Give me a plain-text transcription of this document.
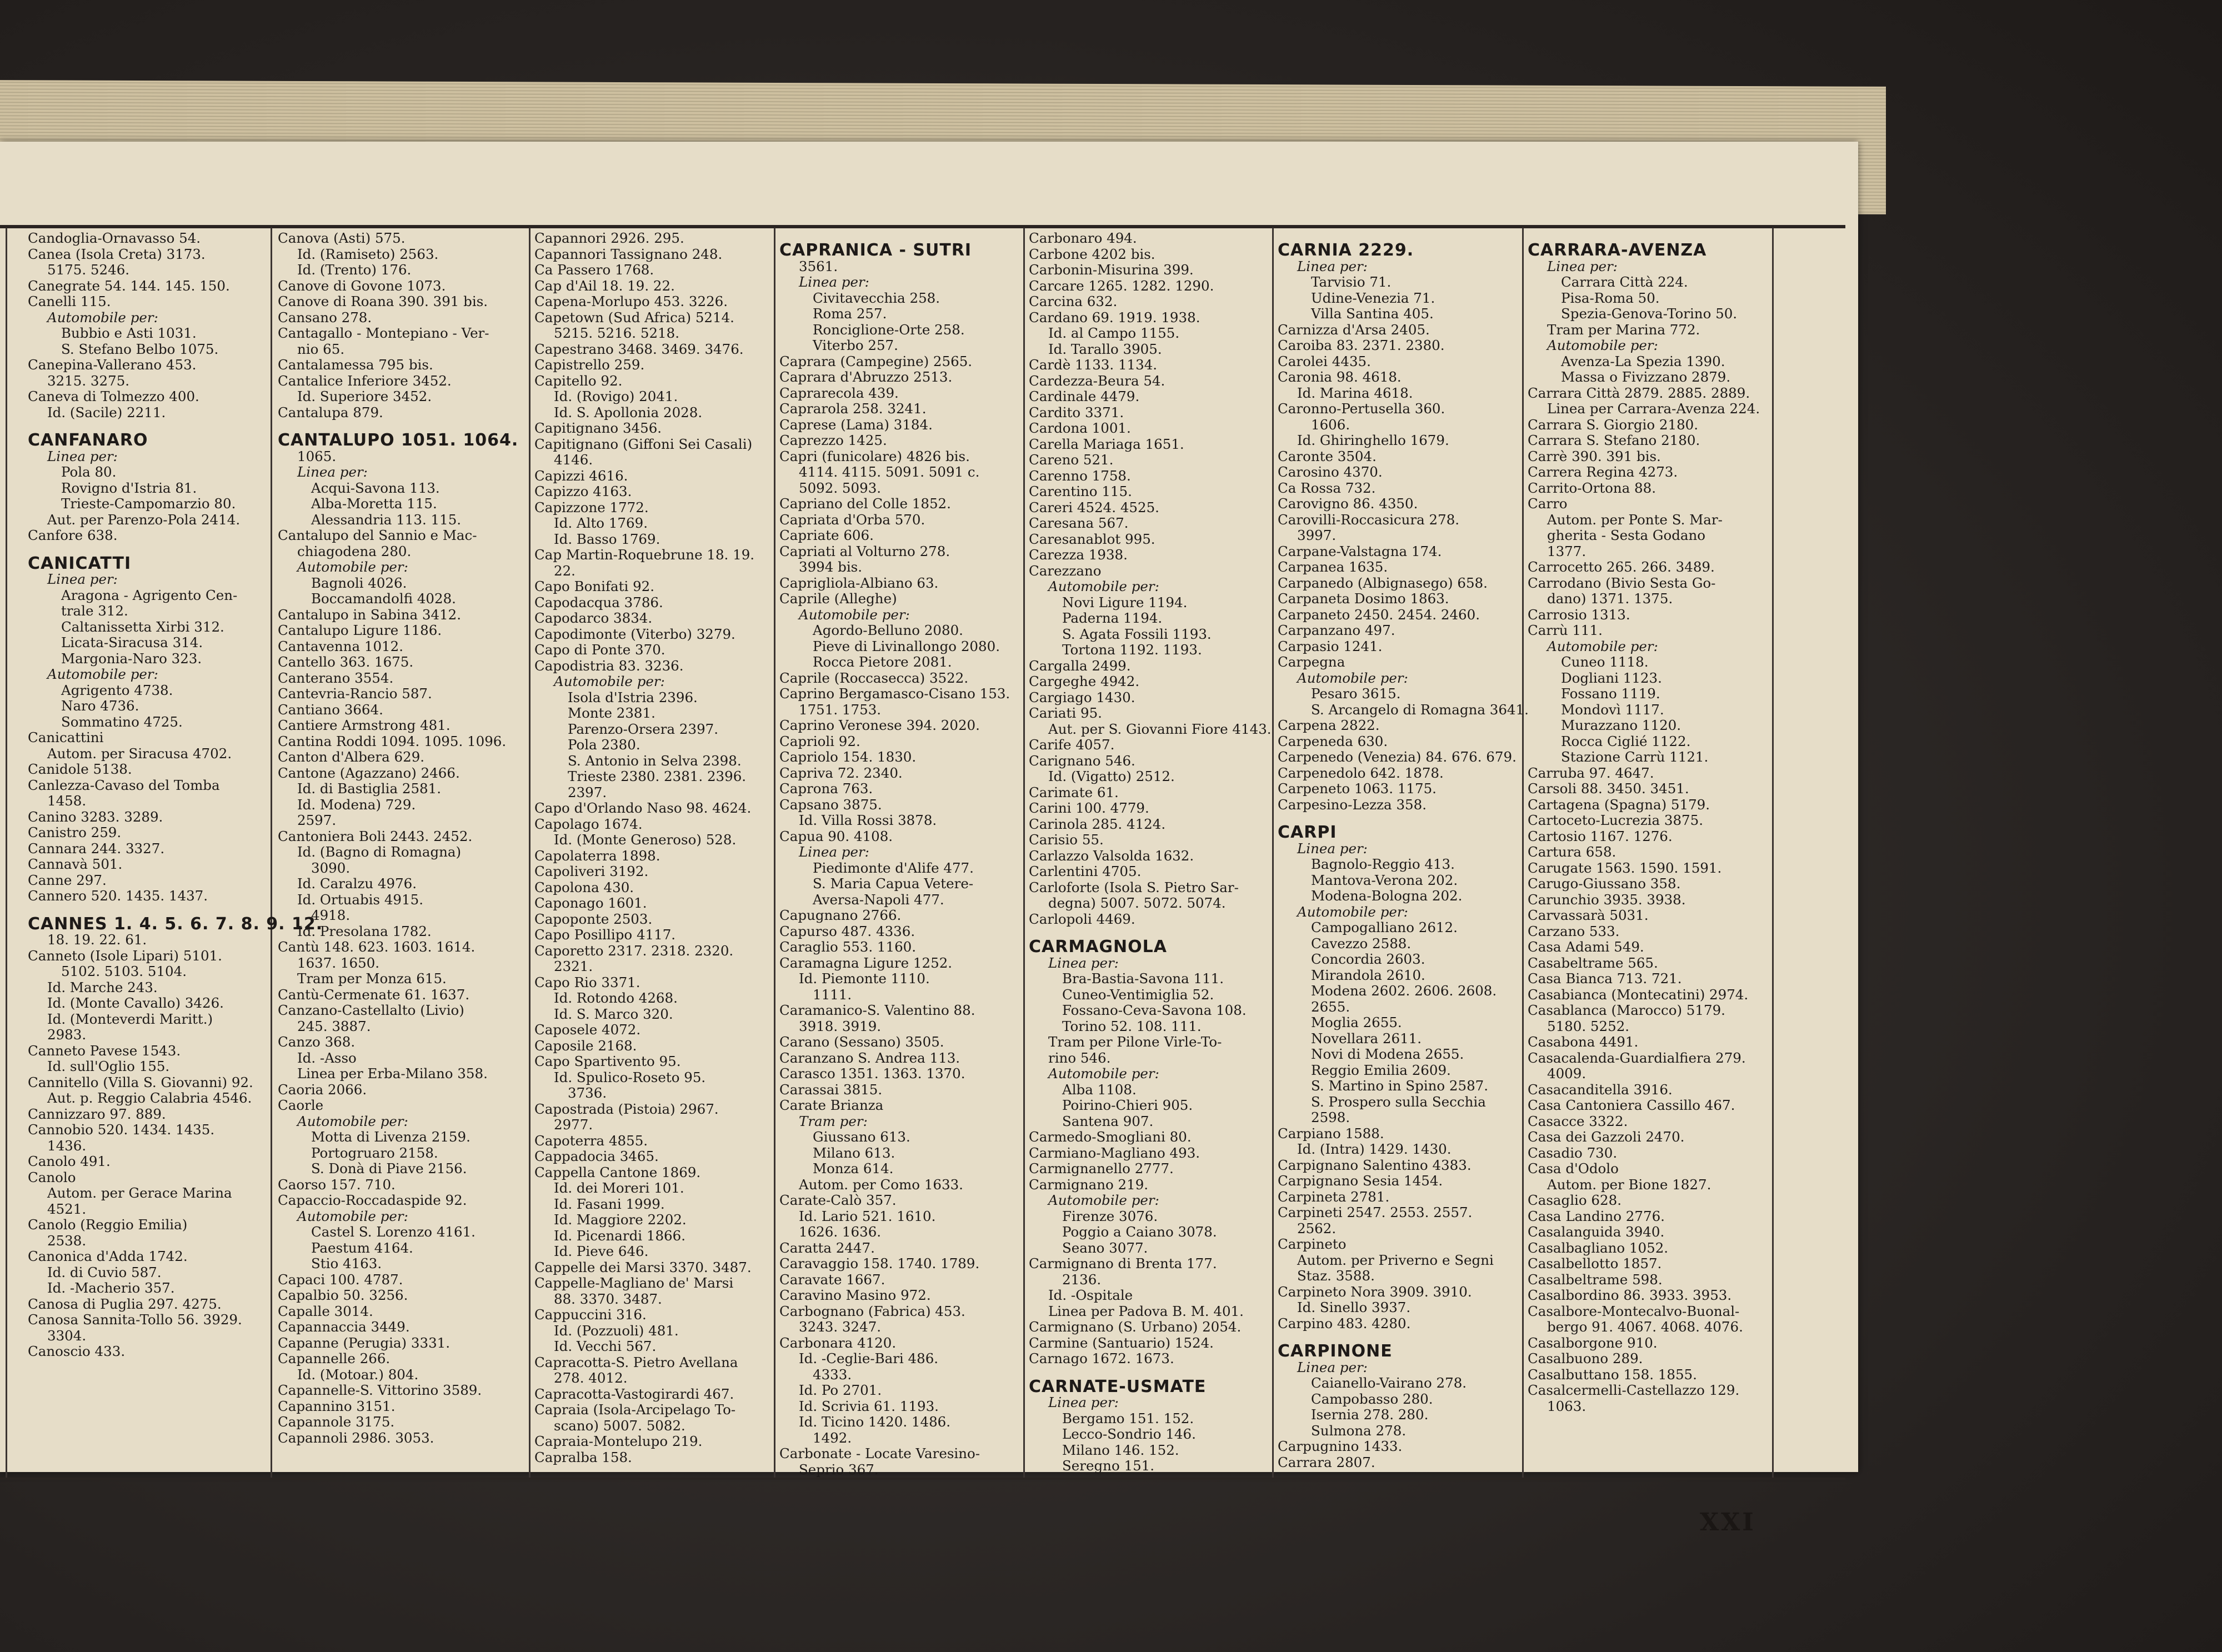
Candoglia-Ornavasso 54.
Canea (Isola Creta) 3173.
5175. 5246.
Canegrate 54. 144. 145. 150.
Canelli 115.
Automobile per:
Bubbio e Asti 1031.
S. Stefano Belbo 1075.
Canepina-Vallerano 453.
3215. 3275.
Caneva di Tolmezzo 400.
Id. (Sacile) 2211.
CANFANARO
Linea per:
Pola 80.
Rovigno d'Istria 81.
Trieste-Campomarzio 80.
Aut. per Parenzo-Pola 2414.
Canfore 638.
CANICATTI
Linea per:
Aragona - Agrigento Cen-
trale 312.
Caltanissetta Xirbi 312.
Licata-Siracusa 314.
Margonia-Naro 323.
Automobile per:
Agrigento 4738.
Naro 4736.
Sommatino 4725.
Canicattini
Autom. per Siracusa 4702.
Canidole 5138.
Canlezza-Cavaso del Tomba
1458.
Canino 3283. 3289.
Canistro 259.
Cannara 244. 3327.
Cannavà 501.
Canne 297.
Cannero 520. 1435. 1437.
CANNES 1. 4. 5. 6. 7. 8. 9. 12.
18. 19. 22. 61.
Canneto (Isole Lipari) 5101.
5102. 5103. 5104.
Id. Marche 243.
Id. (Monte Cavallo) 3426.
Id. (Monteverdi Maritt.)
2983.
Canneto Pavese 1543.
Id. sull'Oglio 155.
Cannitello (Villa S. Giovanni) 92.
Aut. p. Reggio Calabria 4546.
Cannizzaro 97. 889.
Cannobio 520. 1434. 1435.
1436.
Canolo 491.
Canolo
Autom. per Gerace Marina
4521.
Canolo (Reggio Emilia)
2538.
Canonica d'Adda 1742.
Id. di Cuvio 587.
Id. -Macherio 357.
Canosa di Puglia 297. 4275.
Canosa Sannita-Tollo 56. 3929.
3304.
Canoscio 433.
Canova (Asti) 575.
Id. (Ramiseto) 2563.
Id. (Trento) 176.
Canove di Govone 1073.
Canove di Roana 390. 391 bis.
Cansano 278.
Cantagallo - Montepiano - Ver-
nio 65.
Cantalamessa 795 bis.
Cantalice Inferiore 3452.
Id. Superiore 3452.
Cantalupa 879.
CANTALUPO 1051. 1064.
1065.
Linea per:
Acqui-Savona 113.
Alba-Moretta 115.
Alessandria 113. 115.
Cantalupo del Sannio e Mac-
chiagodena 280.
Automobile per:
Bagnoli 4026.
Boccamandolfi 4028.
Cantalupo in Sabina 3412.
Cantalupo Ligure 1186.
Cantavenna 1012.
Cantello 363. 1675.
Canterano 3554.
Cantevria-Rancio 587.
Cantiano 3664.
Cantiere Armstrong 481.
Cantina Roddi 1094. 1095. 1096.
Canton d'Albera 629.
Cantone (Agazzano) 2466.
Id. di Bastiglia 2581.
Id. Modena) 729.
2597.
Cantoniera Boli 2443. 2452.
Id. (Bagno di Romagna)
3090.
Id. Caralzu 4976.
Id. Ortuabis 4915.
4918.
Id. Presolana 1782.
Cantù 148. 623. 1603. 1614.
1637. 1650.
Tram per Monza 615.
Cantù-Cermenate 61. 1637.
Canzano-Castellalto (Livio)
245. 3887.
Canzo 368.
Id. -Asso
Linea per Erba-Milano 358.
Caoria 2066.
Caorle
Automobile per:
Motta di Livenza 2159.
Portogruaro 2158.
S. Donà di Piave 2156.
Caorso 157. 710.
Capaccio-Roccadaspide 92.
Automobile per:
Castel S. Lorenzo 4161.
Paestum 4164.
Stio 4163.
Capaci 100. 4787.
Capalbio 50. 3256.
Capalle 3014.
Capannaccia 3449.
Capanne (Perugia) 3331.
Capannelle 266.
Id. (Motoar.) 804.
Capannelle-S. Vittorino 3589.
Capannino 3151.
Capannole 3175.
Capannoli 2986. 3053.
Capannori 2926. 295.
Capannori Tassignano 248.
Ca Passero 1768.
Cap d'Ail 18. 19. 22.
Capena-Morlupo 453. 3226.
Capetown (Sud Africa) 5214.
5215. 5216. 5218.
Capestrano 3468. 3469. 3476.
Capistrello 259.
Capitello 92.
Id. (Rovigo) 2041.
Id. S. Apollonia 2028.
Capitignano 3456.
Capitignano (Giffoni Sei Casali)
4146.
Capizzi 4616.
Capizzo 4163.
Capizzone 1772.
Id. Alto 1769.
Id. Basso 1769.
Cap Martin-Roquebrune 18. 19.
22.
Capo Bonifati 92.
Capodacqua 3786.
Capodarco 3834.
Capodimonte (Viterbo) 3279.
Capo di Ponte 370.
Capodistria 83. 3236.
Automobile per:
Isola d'Istria 2396.
Monte 2381.
Parenzo-Orsera 2397.
Pola 2380.
S. Antonio in Selva 2398.
Trieste 2380. 2381. 2396.
2397.
Capo d'Orlando Naso 98. 4624.
Capolago 1674.
Id. (Monte Generoso) 528.
Capolaterra 1898.
Capoliveri 3192.
Capolona 430.
Caponago 1601.
Capoponte 2503.
Capo Posillipo 4117.
Caporetto 2317. 2318. 2320.
2321.
Capo Rio 3371.
Id. Rotondo 4268.
Id. S. Marco 320.
Caposele 4072.
Caposile 2168.
Capo Spartivento 95.
Id. Spulico-Roseto 95.
3736.
Capostrada (Pistoia) 2967.
2977.
Capoterra 4855.
Cappadocia 3465.
Cappella Cantone 1869.
Id. dei Moreri 101.
Id. Fasani 1999.
Id. Maggiore 2202.
Id. Picenardi 1866.
Id. Pieve 646.
Cappelle dei Marsi 3370. 3487.
Cappelle-Magliano de' Marsi
88. 3370. 3487.
Cappuccini 316.
Id. (Pozzuoli) 481.
Id. Vecchi 567.
Capracotta-S. Pietro Avellana
278. 4012.
Capracotta-Vastogirardi 467.
Capraia (Isola-Arcipelago To-
scano) 5007. 5082.
Capraia-Montelupo 219.
Capralba 158.
CAPRANICA - SUTRI
3561.
Linea per:
Civitavecchia 258.
Roma 257.
Ronciglione-Orte 258.
Viterbo 257.
Caprara (Campegine) 2565.
Caprara d'Abruzzo 2513.
Caprarecola 439.
Caprarola 258. 3241.
Caprese (Lama) 3184.
Caprezzo 1425.
Capri (funicolare) 4826 bis.
4114. 4115. 5091. 5091 c.
5092. 5093.
Capriano del Colle 1852.
Capriata d'Orba 570.
Capriate 606.
Capriati al Volturno 278.
3994 bis.
Caprigliola-Albiano 63.
Caprile (Alleghe)
Automobile per:
Agordo-Belluno 2080.
Pieve di Livinallongo 2080.
Rocca Pietore 2081.
Caprile (Roccasecca) 3522.
Caprino Bergamasco-Cisano 153.
1751. 1753.
Caprino Veronese 394. 2020.
Caprioli 92.
Capriolo 154. 1830.
Capriva 72. 2340.
Caprona 763.
Capsano 3875.
Id. Villa Rossi 3878.
Capua 90. 4108.
Linea per:
Piedimonte d'Alife 477.
S. Maria Capua Vetere-
Aversa-Napoli 477.
Capugnano 2766.
Capurso 487. 4336.
Caraglio 553. 1160.
Caramagna Ligure 1252.
Id. Piemonte 1110.
1111.
Caramanico-S. Valentino 88.
3918. 3919.
Carano (Sessano) 3505.
Caranzano S. Andrea 113.
Carasco 1351. 1363. 1370.
Carassai 3815.
Carate Brianza
Tram per:
Giussano 613.
Milano 613.
Monza 614.
Autom. per Como 1633.
Carate-Calò 357.
Id. Lario 521. 1610.
1626. 1636.
Caratta 2447.
Caravaggio 158. 1740. 1789.
Caravate 1667.
Caravino Masino 972.
Carbognano (Fabrica) 453.
3243. 3247.
Carbonara 4120.
Id. -Ceglie-Bari 486.
4333.
Id. Po 2701.
Id. Scrivia 61. 1193.
Id. Ticino 1420. 1486.
1492.
Carbonate - Locate Varesino-
Seprio 367.
Carbonaro 494.
Carbone 4202 bis.
Carbonin-Misurina 399.
Carcare 1265. 1282. 1290.
Carcina 632.
Cardano 69. 1919. 1938.
Id. al Campo 1155.
Id. Tarallo 3905.
Cardè 1133. 1134.
Cardezza-Beura 54.
Cardinale 4479.
Cardito 3371.
Cardona 1001.
Carella Mariaga 1651.
Careno 521.
Carenno 1758.
Carentino 115.
Careri 4524. 4525.
Caresana 567.
Caresanablot 995.
Carezza 1938.
Carezzano
Automobile per:
Novi Ligure 1194.
Paderna 1194.
S. Agata Fossili 1193.
Tortona 1192. 1193.
Cargalla 2499.
Cargeghe 4942.
Cargiago 1430.
Cariati 95.
Aut. per S. Giovanni Fiore 4143.
Carife 4057.
Carignano 546.
Id. (Vigatto) 2512.
Carimate 61.
Carini 100. 4779.
Carinola 285. 4124.
Carisio 55.
Carlazzo Valsolda 1632.
Carlentini 4705.
Carloforte (Isola S. Pietro Sar-
degna) 5007. 5072. 5074.
Carlopoli 4469.
CARMAGNOLA
Linea per:
Bra-Bastia-Savona 111.
Cuneo-Ventimiglia 52.
Fossano-Ceva-Savona 108.
Torino 52. 108. 111.
Tram per Pilone Virle-To-
rino 546.
Automobile per:
Alba 1108.
Poirino-Chieri 905.
Santena 907.
Carmedo-Smogliani 80.
Carmiano-Magliano 493.
Carmignanello 2777.
Carmignano 219.
Automobile per:
Firenze 3076.
Poggio a Caiano 3078.
Seano 3077.
Carmignano di Brenta 177.
2136.
Id. -Ospitale
Linea per Padova B. M. 401.
Carmignano (S. Urbano) 2054.
Carmine (Santuario) 1524.
Carnago 1672. 1673.
CARNATE-USMATE
Linea per:
Bergamo 151. 152.
Lecco-Sondrio 146.
Milano 146. 152.
Seregno 151.
CARNIA 2229.
Linea per:
Tarvisio 71.
Udine-Venezia 71.
Villa Santina 405.
Carnizza d'Arsa 2405.
Caroiba 83. 2371. 2380.
Carolei 4435.
Caronia 98. 4618.
Id. Marina 4618.
Caronno-Pertusella 360.
1606.
Id. Ghiringhello 1679.
Caronte 3504.
Carosino 4370.
Ca Rossa 732.
Carovigno 86. 4350.
Carovilli-Roccasicura 278.
3997.
Carpane-Valstagna 174.
Carpanea 1635.
Carpanedo (Albignasego) 658.
Carpaneta Dosimo 1863.
Carpaneto 2450. 2454. 2460.
Carpanzano 497.
Carpasio 1241.
Carpegna
Automobile per:
Pesaro 3615.
S. Arcangelo di Romagna 3641.
Carpena 2822.
Carpeneda 630.
Carpenedo (Venezia) 84. 676. 679.
Carpenedolo 642. 1878.
Carpeneto 1063. 1175.
Carpesino-Lezza 358.
CARPI
Linea per:
Bagnolo-Reggio 413.
Mantova-Verona 202.
Modena-Bologna 202.
Automobile per:
Campogalliano 2612.
Cavezzo 2588.
Concordia 2603.
Mirandola 2610.
Modena 2602. 2606. 2608.
2655.
Moglia 2655.
Novellara 2611.
Novi di Modena 2655.
Reggio Emilia 2609.
S. Martino in Spino 2587.
S. Prospero sulla Secchia
2598.
Carpiano 1588.
Id. (Intra) 1429. 1430.
Carpignano Salentino 4383.
Carpignano Sesia 1454.
Carpineta 2781.
Carpineti 2547. 2553. 2557.
2562.
Carpineto
Autom. per Priverno e Segni
Staz. 3588.
Carpineto Nora 3909. 3910.
Id. Sinello 3937.
Carpino 483. 4280.
CARPINONE
Linea per:
Caianello-Vairano 278.
Campobasso 280.
Isernia 278. 280.
Sulmona 278.
Carpugnino 1433.
Carrara 2807.
CARRARA-AVENZA
Linea per:
Carrara Città 224.
Pisa-Roma 50.
Spezia-Genova-Torino 50.
Tram per Marina 772.
Automobile per:
Avenza-La Spezia 1390.
Massa o Fivizzano 2879.
Carrara Città 2879. 2885. 2889.
Linea per Carrara-Avenza 224.
Carrara S. Giorgio 2180.
Carrara S. Stefano 2180.
Carrè 390. 391 bis.
Carrera Regina 4273.
Carrito-Ortona 88.
Carro
Autom. per Ponte S. Mar-
gherita - Sesta Godano
1377.
Carrocetto 265. 266. 3489.
Carrodano (Bivio Sesta Go-
dano) 1371. 1375.
Carrosio 1313.
Carrù 111.
Automobile per:
Cuneo 1118.
Dogliani 1123.
Fossano 1119.
Mondovì 1117.
Murazzano 1120.
Rocca Ciglié 1122.
Stazione Carrù 1121.
Carruba 97. 4647.
Carsoli 88. 3450. 3451.
Cartagena (Spagna) 5179.
Cartoceto-Lucrezia 3875.
Cartosio 1167. 1276.
Cartura 658.
Carugate 1563. 1590. 1591.
Carugo-Giussano 358.
Carunchio 3935. 3938.
Carvassarà 5031.
Carzano 533.
Casa Adami 549.
Casabeltrame 565.
Casa Bianca 713. 721.
Casabianca (Montecatini) 2974.
Casablanca (Marocco) 5179.
5180. 5252.
Casabona 4491.
Casacalenda-Guardialfiera 279.
4009.
Casacanditella 3916.
Casa Cantoniera Cassillo 467.
Casacce 3322.
Casa dei Gazzoli 2470.
Casadio 730.
Casa d'Odolo
Autom. per Bione 1827.
Casaglio 628.
Casa Landino 2776.
Casalanguida 3940.
Casalbagliano 1052.
Casalbellotto 1857.
Casalbeltrame 598.
Casalbordino 86. 3933. 3953.
Casalbore-Montecalvo-Buonal-
bergo 91. 4067. 4068. 4076.
Casalborgone 910.
Casalbuono 289.
Casalbuttano 158. 1855.
Casalcermelli-Castellazzo 129.
1063.
XXI
